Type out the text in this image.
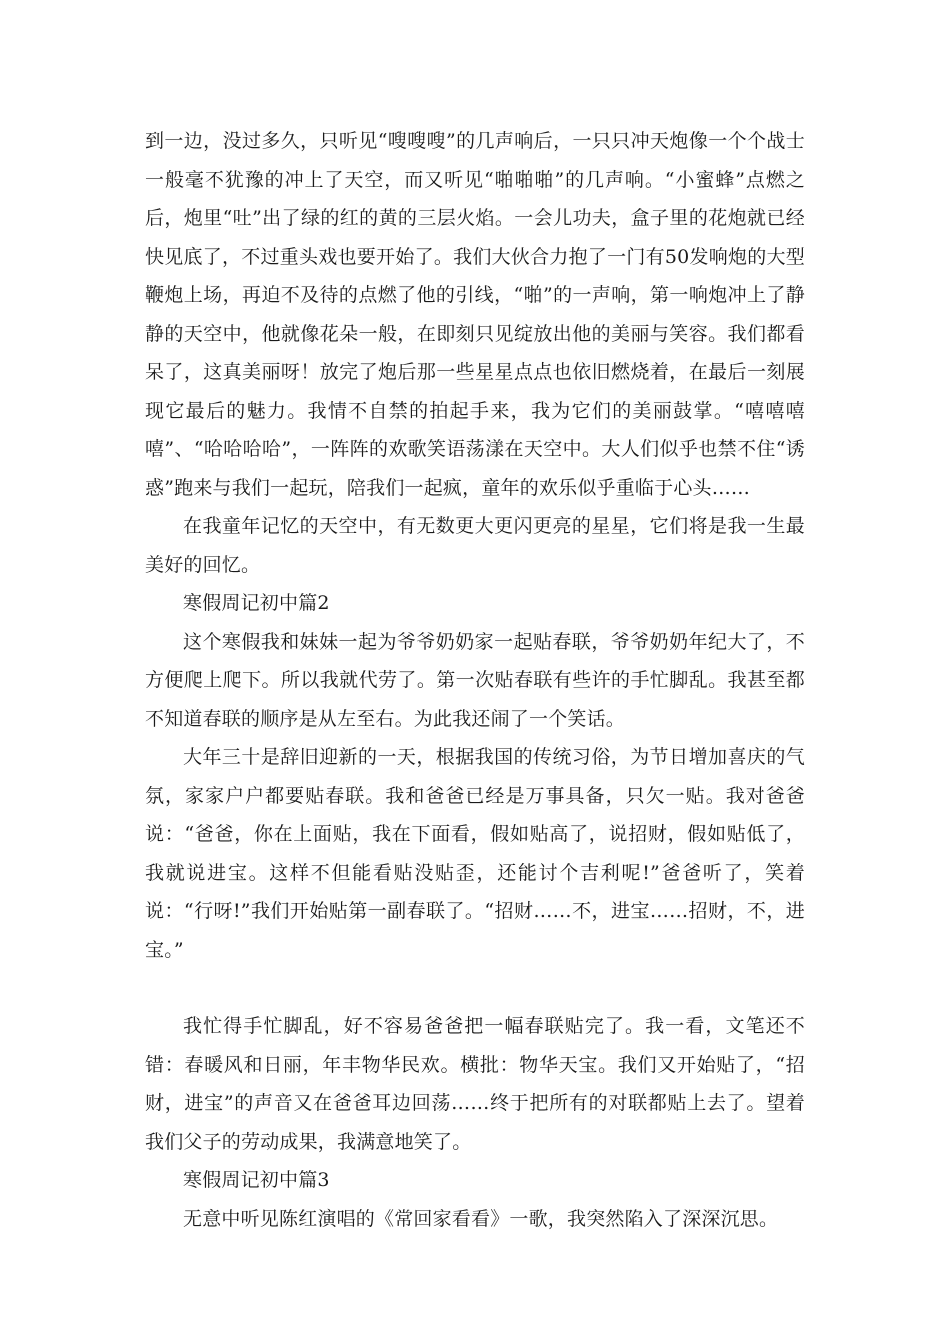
到一边，没过多久，只听见“嗖嗖嗖”的几声响后，一只只冲天炮像一个个战士一般毫不犹豫的冲上了天空，而又听见“啪啪啪”的几声响。“小蜜蜂”点燃之后，炮里“吐”出了绿的红的黄的三层火焰。一会儿功夫，盒子里的花炮就已经快见底了，不过重头戏也要开始了。我们大伙合力抱了一门有50发响炮的大型鞭炮上场，再迫不及待的点燃了他的引线，“啪”的一声响，第一响炮冲上了静静的天空中，他就像花朵一般，在即刻只见绽放出他的美丽与笑容。我们都看呆了，这真美丽呀！放完了炮后那一些星星点点也依旧燃烧着，在最后一刻展现它最后的魅力。我情不自禁的拍起手来，我为它们的美丽鼓掌。“嘻嘻嘻嘻”、“哈哈哈哈”，一阵阵的欢歌笑语荡漾在天空中。大人们似乎也禁不住“诱惑”跑来与我们一起玩，陪我们一起疯，童年的欢乐似乎重临于心头……

在我童年记忆的天空中，有无数更大更闪更亮的星星，它们将是我一生最美好的回忆。

寒假周记初中篇2

这个寒假我和妹妹一起为爷爷奶奶家一起贴春联，爷爷奶奶年纪大了，不方便爬上爬下。所以我就代劳了。第一次贴春联有些许的手忙脚乱。我甚至都不知道春联的顺序是从左至右。为此我还闹了一个笑话。

大年三十是辞旧迎新的一天，根据我国的传统习俗，为节日增加喜庆的气氛，家家户户都要贴春联。我和爸爸已经是万事具备，只欠一贴。我对爸爸说：“爸爸，你在上面贴，我在下面看，假如贴高了，说招财，假如贴低了，我就说进宝。这样不但能看贴没贴歪，还能讨个吉利呢!”爸爸听了，笑着说：“行呀!”我们开始贴第一副春联了。“招财……不，进宝……招财，不，进宝。”

我忙得手忙脚乱，好不容易爸爸把一幅春联贴完了。我一看，文笔还不错：春暖风和日丽，年丰物华民欢。横批：物华天宝。我们又开始贴了，“招财，进宝”的声音又在爸爸耳边回荡……终于把所有的对联都贴上去了。望着我们父子的劳动成果，我满意地笑了。

寒假周记初中篇3

无意中听见陈红演唱的《常回家看看》一歌，我突然陷入了深深沉思。
